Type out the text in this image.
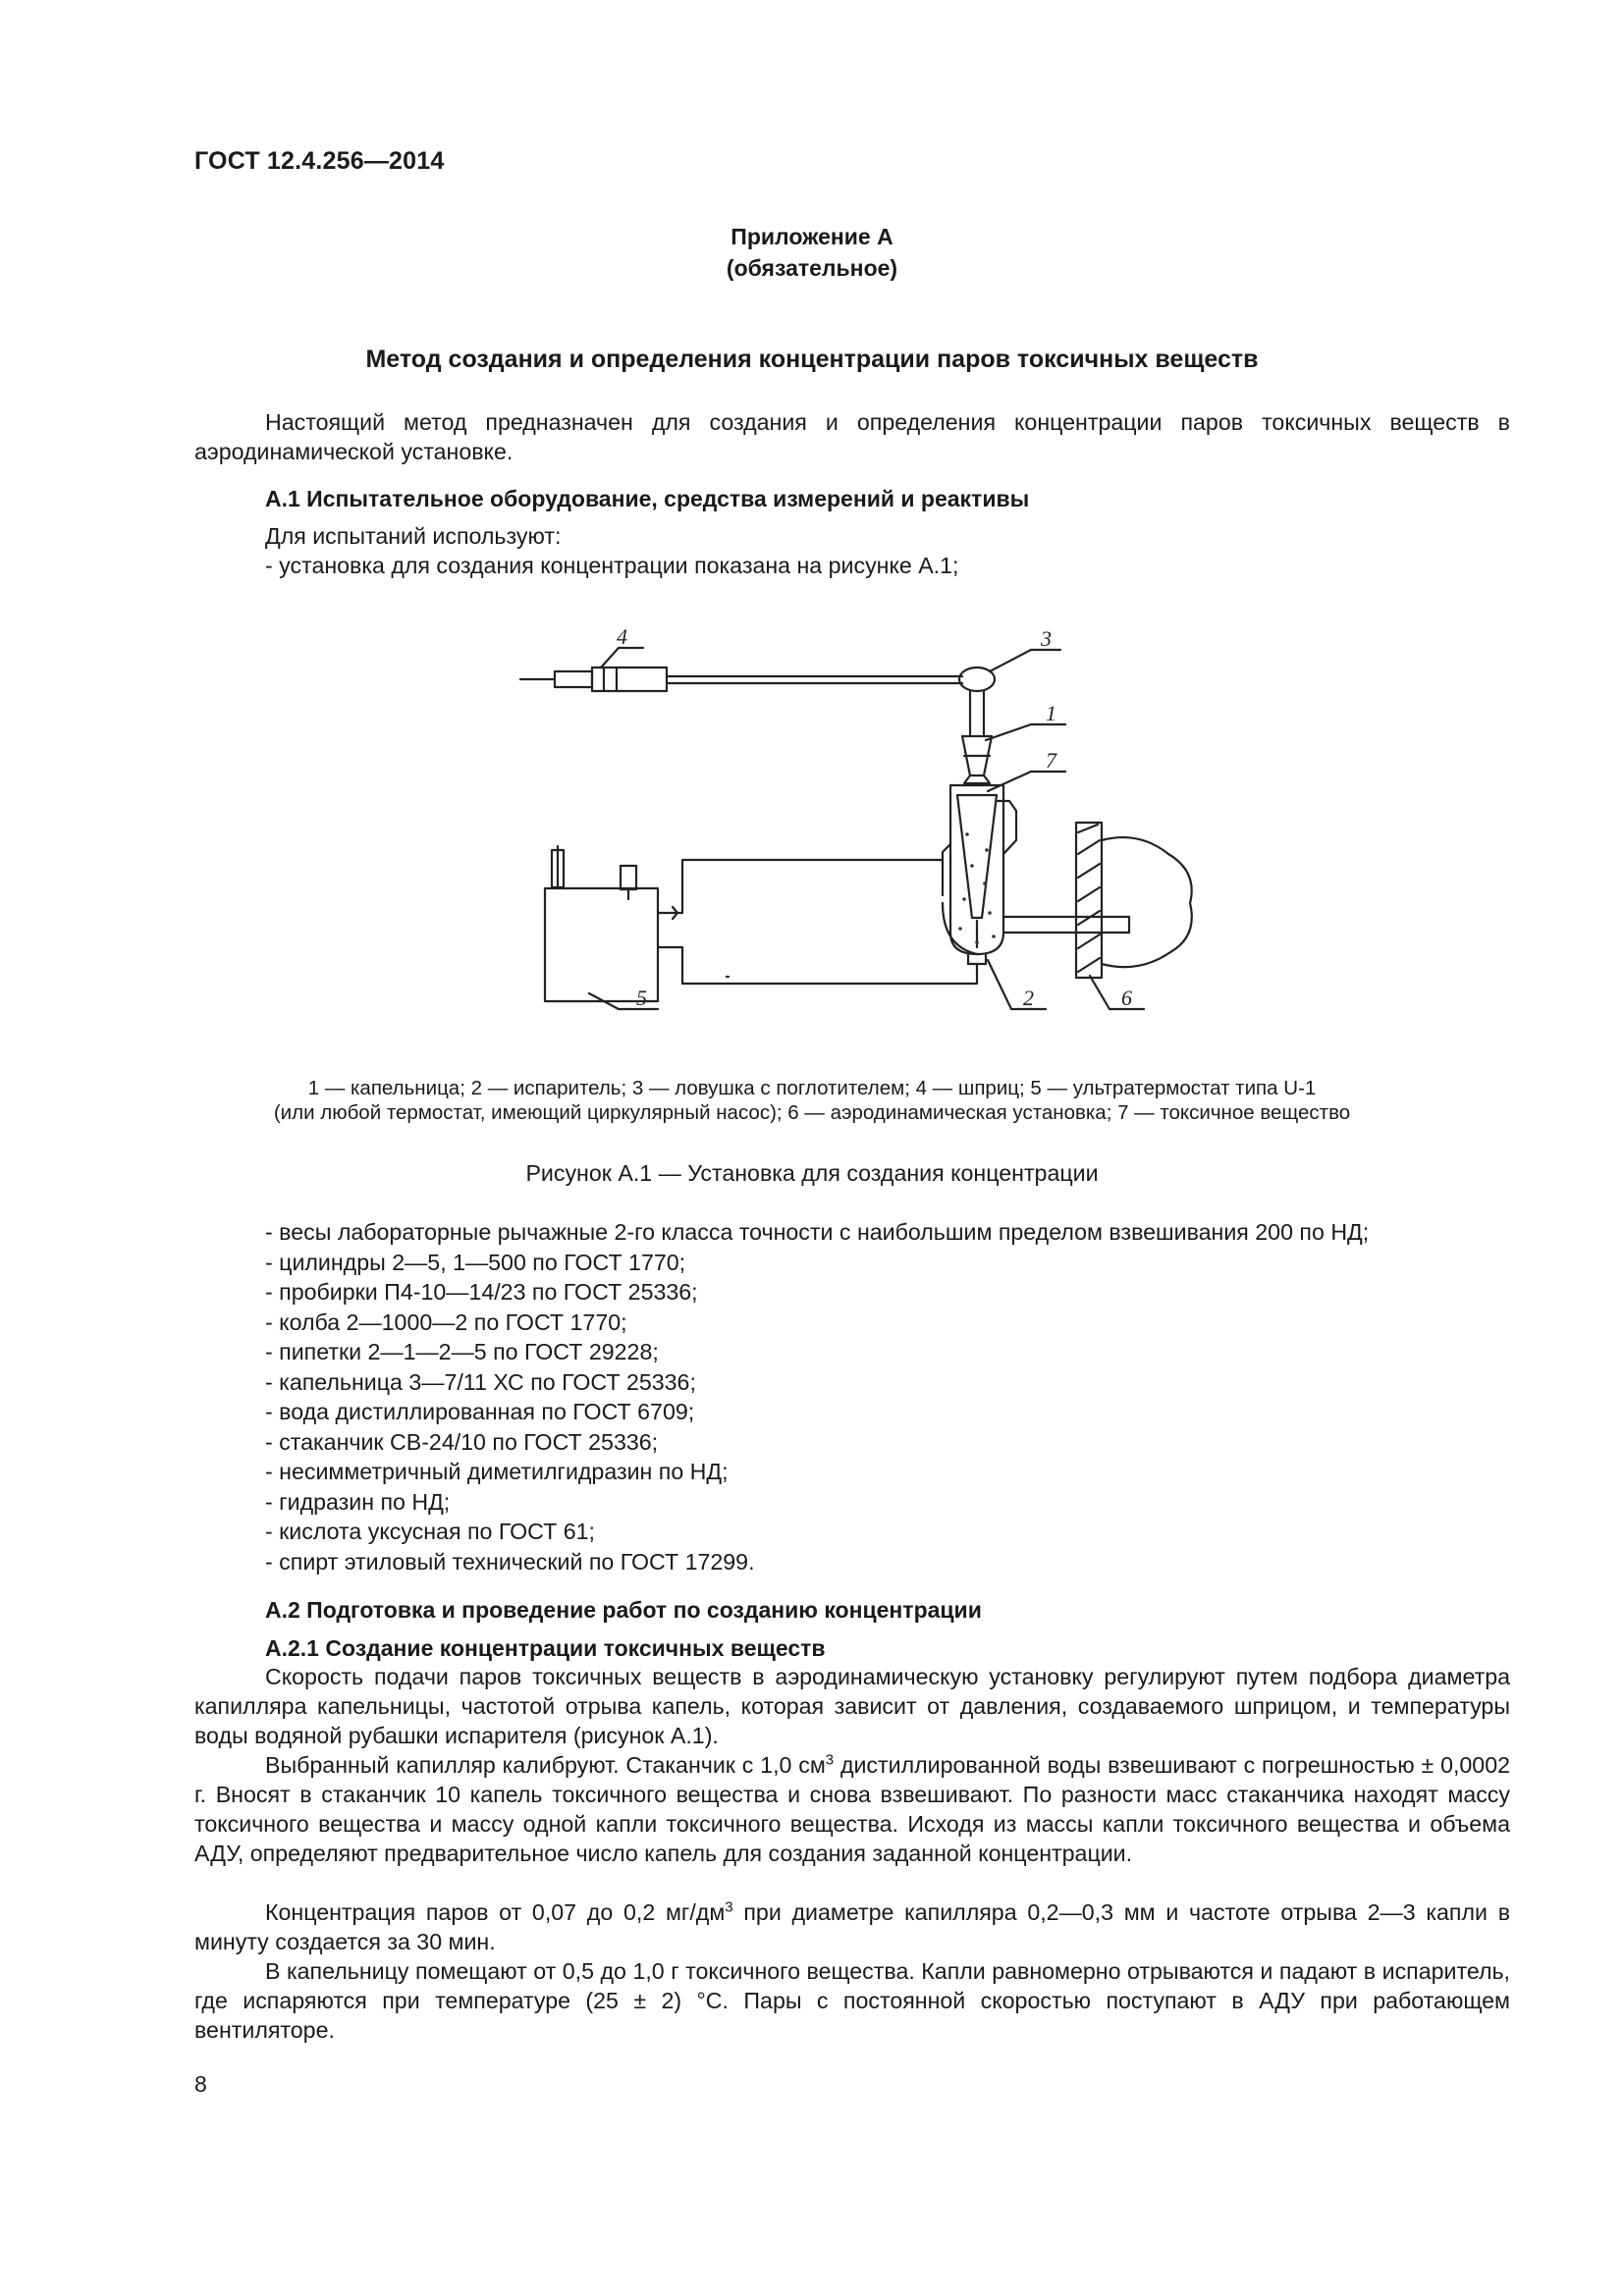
ГОСТ 12.4.256—2014
Приложение А
(обязательное)
Метод создания и определения концентрации паров токсичных веществ
Настоящий метод предназначен для создания и определения концентрации паров токсичных веществ в аэродинамической установке.
А.1 Испытательное оборудование, средства измерений и реактивы
Для испытаний используют:
- установка для создания концентрации показана на рисунке А.1;
4	3
1
7
5	2	6
1 — капельница; 2 — испаритель; 3 — ловушка с поглотителем; 4 — шприц; 5 — ультратермостат типа U-1
(или любой термостат, имеющий циркулярный насос); 6 — аэродинамическая установка; 7 — токсичное вещество
Рисунок А.1 — Установка для создания концентрации
- весы лабораторные рычажные 2-го класса точности с наибольшим пределом взвешивания 200 по НД;
- цилиндры 2—5, 1—500 по ГОСТ 1770;
- пробирки П4-10—14/23 по ГОСТ 25336;
- колба 2—1000—2 по ГОСТ 1770;
- пипетки 2—1—2—5 по ГОСТ 29228;
- капельница 3—7/11 ХС по ГОСТ 25336;
- вода дистиллированная по ГОСТ 6709;
- стаканчик СВ-24/10 по ГОСТ 25336;
- несимметричный диметилгидразин по НД;
- гидразин по НД;
- кислота уксусная по ГОСТ 61;
- спирт этиловый технический по ГОСТ 17299.
А.2 Подготовка и проведение работ по созданию концентрации
А.2.1 Создание концентрации токсичных веществ
Скорость подачи паров токсичных веществ в аэродинамическую установку регулируют путем подбора диаметра капилляра капельницы, частотой отрыва капель, которая зависит от давления, создаваемого шприцом, и температуры воды водяной рубашки испарителя (рисунок А.1).
Выбранный капилляр калибруют. Стаканчик с 1,0 $см^3$ дистиллированной воды взвешивают с погрешностью ± 0,0002 г. Вносят в стаканчик 10 капель токсичного вещества и снова взвешивают. По разности масс стаканчика находят массу токсичного вещества и массу одной капли токсичного вещества. Исходя из массы капли токсичного вещества и объема АДУ, определяют предварительное число капель для создания заданной концентрации.
Концентрация паров от 0,07 до 0,2 $мг/дм^3$ при диаметре капилляра 0,2—0,3 мм и частоте отрыва 2—3 капли в минуту создается за 30 мин.
В капельницу помещают от 0,5 до 1,0 г токсичного вещества. Капли равномерно отрываются и падают в испаритель, где испаряются при температуре (25 ± 2) °С. Пары с постоянной скоростью поступают в АДУ при работающем вентиляторе.
8
